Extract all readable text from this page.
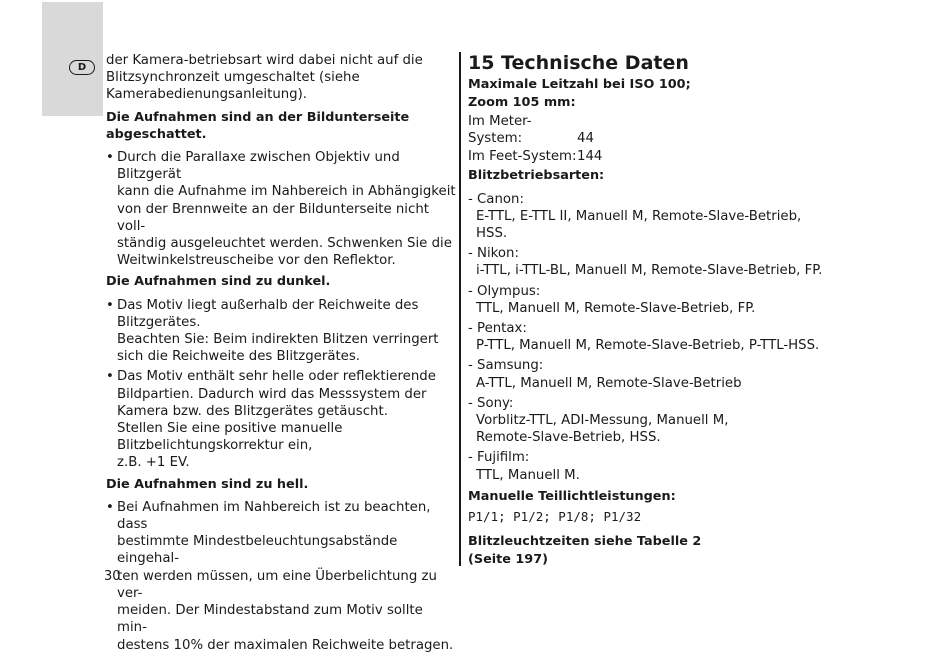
D	der Kamera-betriebsart wird dabei nicht auf die Blitzsynchronzeit umgeschaltet (siehe Kamerabedienungsanleitung).

Die Aufnahmen sind an der Bildunterseite abgeschattet.

• Durch die Parallaxe zwischen Objektiv und Blitzgerät
kann die Aufnahme im Nahbereich in Abhängigkeit
von der Brennweite an der Bildunterseite nicht voll-
ständig ausgeleuchtet werden. Schwenken Sie die
Weitwinkelstreuscheibe vor den Reflektor.

Die Aufnahmen sind zu dunkel.

• Das Motiv liegt außerhalb der Reichweite des
Blitzgerätes.
Beachten Sie: Beim indirekten Blitzen verringert
sich die Reichweite des Blitzgerätes.
• Das Motiv enthält sehr helle oder reflektierende
Bildpartien. Dadurch wird das Messsystem der
Kamera bzw. des Blitzgerätes getäuscht.
Stellen Sie eine positive manuelle
Blitzbelichtungskorrektur ein,
z.B. +1 EV.

Die Aufnahmen sind zu hell.

• Bei Aufnahmen im Nahbereich ist zu beachten, dass
bestimmte Mindestbeleuchtungsabstände eingehal-
ten werden müssen, um eine Überbelichtung zu ver-
meiden. Der Mindestabstand zum Motiv sollte min-
destens 10% der maximalen Reichweite betragen.

15 Technische Daten

Maximale Leitzahl bei ISO 100;

Zoom 105 mm:

Im Meter-System:	44

Im Feet-System:144

Blitzbetriebsarten:

- Canon:
E-TTL, E-TTL II, Manuell M, Remote-Slave-Betrieb,
HSS.
- Nikon:
i-TTL, i-TTL-BL, Manuell M, Remote-Slave-Betrieb, FP.
- Olympus:
TTL, Manuell M, Remote-Slave-Betrieb, FP.
- Pentax:
P-TTL, Manuell M, Remote-Slave-Betrieb, P-TTL-HSS.
- Samsung:
A-TTL, Manuell M, Remote-Slave-Betrieb
- Sony:
Vorblitz-TTL, ADI-Messung, Manuell M,
Remote-Slave-Betrieb, HSS.
- Fujifilm:
TTL, Manuell M.

Manuelle Teillichtleistungen:

P1/1; P1/2; P1/8; P1/32

Blitzleuchtzeiten siehe Tabelle 2

(Seite 197)

30
